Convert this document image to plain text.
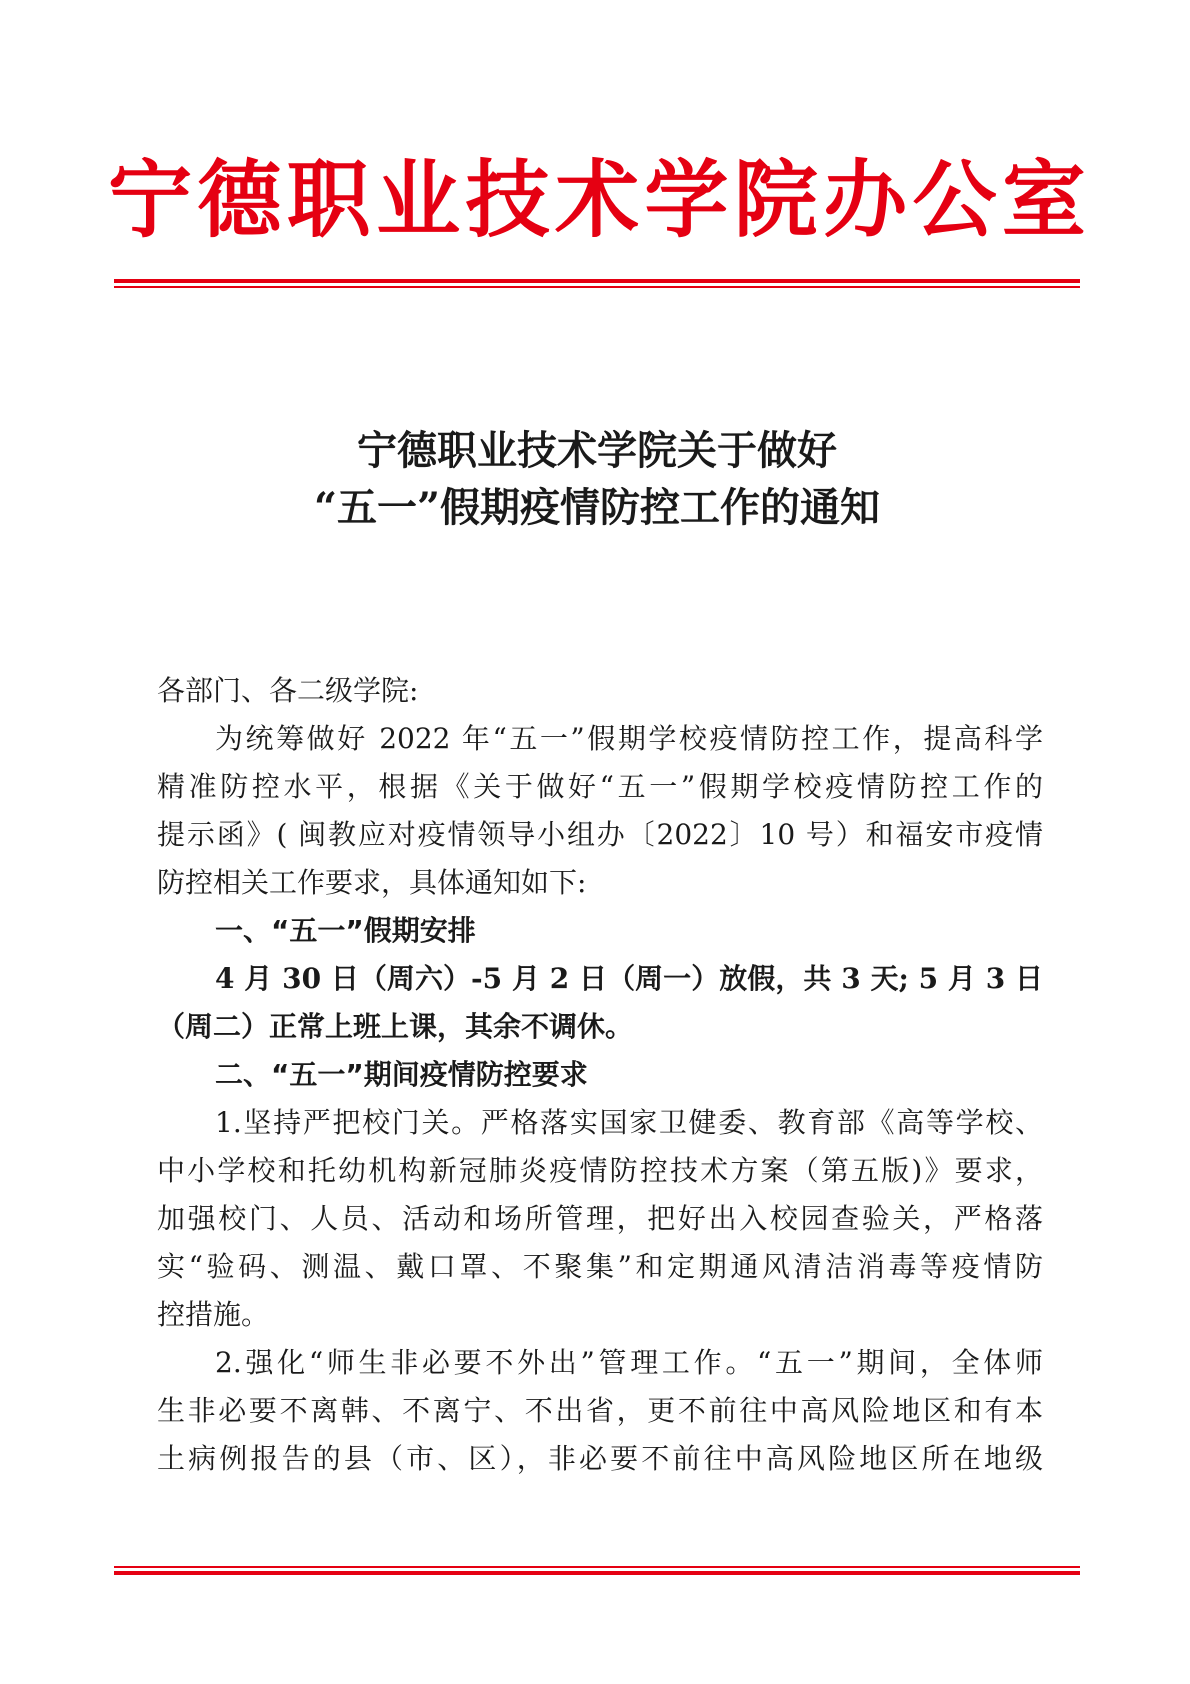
宁 德 职 业 技 术 学 院 办 公 室
宁德职业技术学院关于做好
“五一”假期疫情防控工作的通知

各部门、各二级学院:

为统筹做好 2022 年“五一”假期学校疫情防控工作，提高科学
精准防控水平，根据《关于做好“五一”假期学校疫情防控工作的
提示函》( 闽教应对疫情领导小组办〔2022〕10 号）和福安市疫情
防控相关工作要求，具体通知如下:

一、“五一”假期安排

4 月 30 日（周六）-5 月 2 日（周一）放假，共 3 天; 5 月 3 日
（周二）正常上班上课，其余不调休。

二、“五一”期间疫情防控要求

1.坚持严把校门关。严格落实国家卫健委、教育部《高等学校、
中小学校和托幼机构新冠肺炎疫情防控技术方案（第五版)》要求，
加强校门、人员、活动和场所管理，把好出入校园查验关，严格落
实“验码、测温、戴口罩、不聚集”和定期通风清洁消毒等疫情防
控措施。

2.强化“师生非必要不外出”管理工作。“五一”期间，全体师
生非必要不离韩、不离宁、不出省，更不前往中高风险地区和有本
土病例报告的县（市、区），非必要不前往中高风险地区所在地级
